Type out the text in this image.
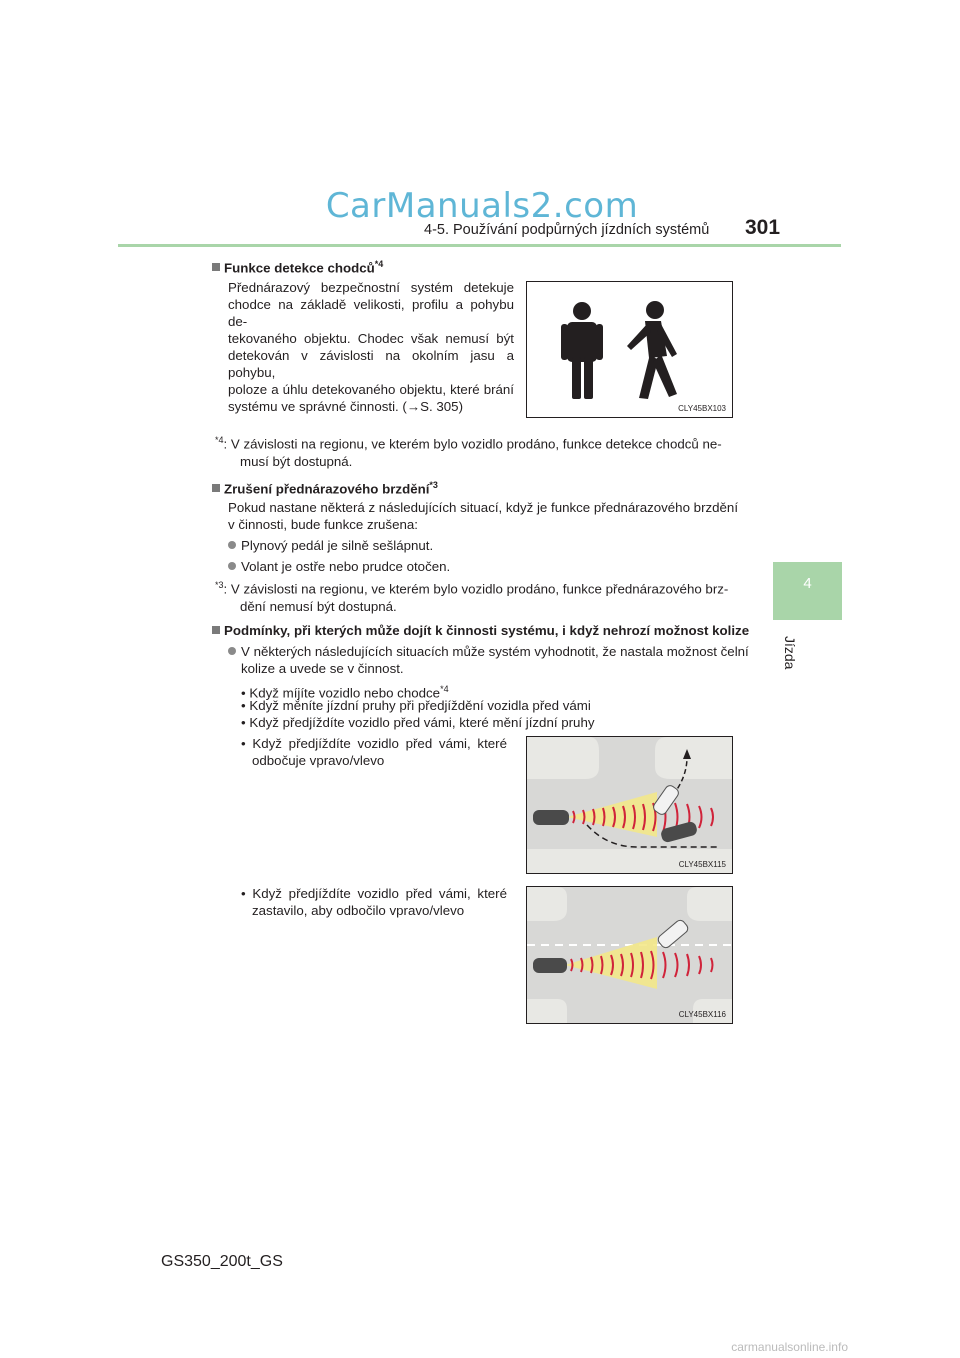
CarManuals2.com
4-5. Používání podpůrných jízdních systémů 301
4
Jízda
Funkce detekce chodců$^{*4}$
Přednárazový bezpečnostní systém detekuje
chodce na základě velikosti, profilu a pohybu de-
tekovaného objektu. Chodec však nemusí být
detekován v závislosti na okolním jasu a pohybu,
poloze a úhlu detekovaného objektu, které brání
systému ve správné činnosti. (→S. 305)	CLY45BX103
$^{*4}$: V závislosti na regionu, ve kterém bylo vozidlo prodáno, funkce detekce chodců ne-
musí být dostupná.
Zrušení přednárazového brzdění$^{*3}$
Pokud nastane některá z následujících situací, když je funkce přednárazového brzdění
v činnosti, bude funkce zrušena:
Plynový pedál je silně sešlápnut.
Volant je ostře nebo prudce otočen.
$^{*3}$: V závislosti na regionu, ve kterém bylo vozidlo prodáno, funkce přednárazového brz-
dění nemusí být dostupná.
Podmínky, při kterých může dojít k činnosti systému, i když nehrozí možnost kolize
V některých následujících situacích může systém vyhodnotit, že nastala možnost čelní
kolize a uvede se v činnost.
• Když míjíte vozidlo nebo chodce$^{*4}$
• Když měníte jízdní pruhy při předjíždění vozidla před vámi
• Když předjíždíte vozidlo před vámi, které mění jízdní pruhy
• Když předjíždíte vozidlo před vámi, které
odbočuje vpravo/vlevo
CLY45BX115
• Když předjíždíte vozidlo před vámi, které
zastavilo, aby odbočilo vpravo/vlevo
CLY45BX116
GS350_200t_GS
carmanualsonline.info
